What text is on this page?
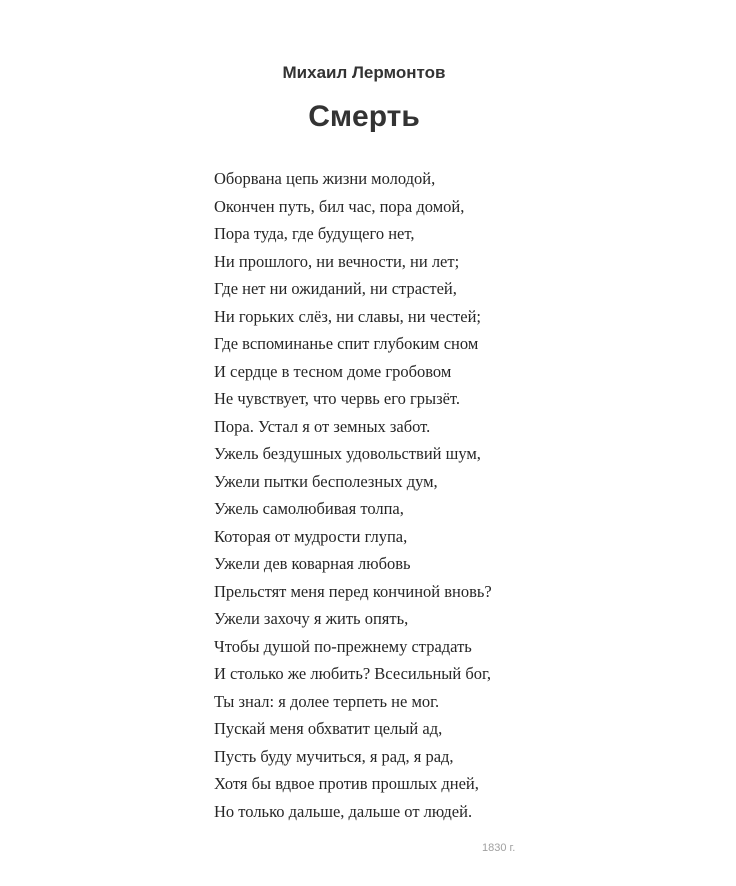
Михаил Лермонтов
Смерть
Оборвана цепь жизни молодой,
Окончен путь, бил час, пора домой,
Пора туда, где будущего нет,
Ни прошлого, ни вечности, ни лет;
Где нет ни ожиданий, ни страстей,
Ни горьких слёз, ни славы, ни честей;
Где вспоминанье спит глубоким сном
И сердце в тесном доме гробовом
Не чувствует, что червь его грызёт.
Пора. Устал я от земных забот.
Ужель бездушных удовольствий шум,
Ужели пытки бесполезных дум,
Ужель самолюбивая толпа,
Которая от мудрости глупа,
Ужели дев коварная любовь
Прельстят меня перед кончиной вновь?
Ужели захочу я жить опять,
Чтобы душой по-прежнему страдать
И столько же любить? Всесильный бог,
Ты знал: я долее терпеть не мог.
Пускай меня обхватит целый ад,
Пусть буду мучиться, я рад, я рад,
Хотя бы вдвое против прошлых дней,
Но только дальше, дальше от людей.
1830 г.
